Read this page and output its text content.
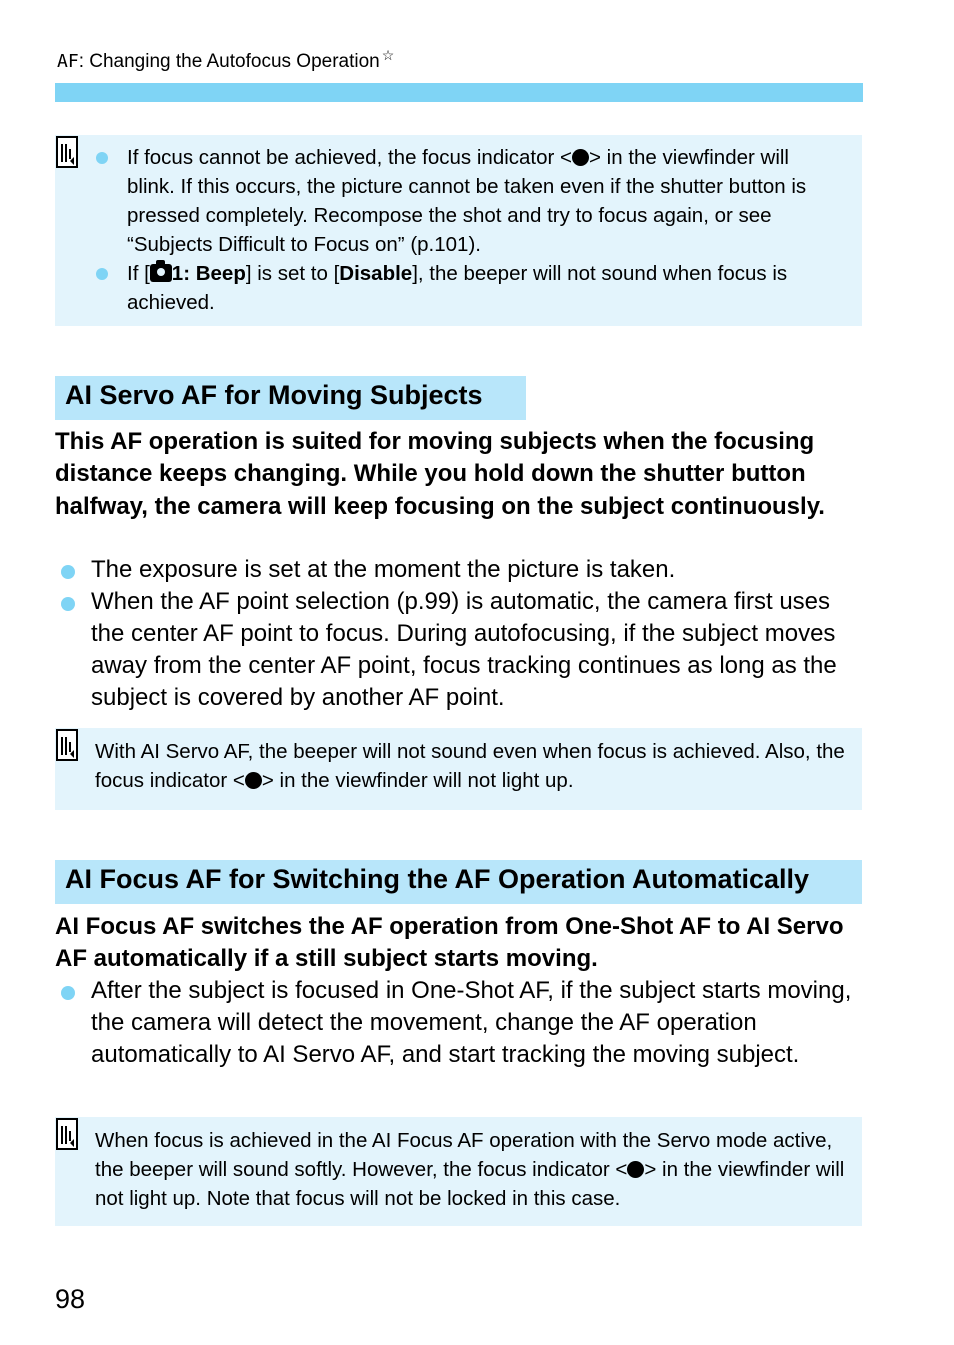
AF: Changing the Autofocus Operation ☆
If focus cannot be achieved, the focus indicator < > in the viewfinder will blink. If this occurs, the picture cannot be taken even if the shutter button is pressed completely. Recompose the shot and try to focus again, or see “Subjects Difficult to Focus on” (p.101).
If [ 1: Beep] is set to [Disable], the beeper will not sound when focus is achieved.
AI Servo AF for Moving Subjects
This AF operation is suited for moving subjects when the focusing distance keeps changing. While you hold down the shutter button halfway, the camera will keep focusing on the subject continuously.
The exposure is set at the moment the picture is taken.
When the AF point selection (p.99) is automatic, the camera first uses the center AF point to focus. During autofocusing, if the subject moves away from the center AF point, focus tracking continues as long as the subject is covered by another AF point.
With AI Servo AF, the beeper will not sound even when focus is achieved. Also, the focus indicator < > in the viewfinder will not light up.
AI Focus AF for Switching the AF Operation Automatically
AI Focus AF switches the AF operation from One-Shot AF to AI Servo AF automatically if a still subject starts moving.
After the subject is focused in One-Shot AF, if the subject starts moving, the camera will detect the movement, change the AF operation automatically to AI Servo AF, and start tracking the moving subject.
When focus is achieved in the AI Focus AF operation with the Servo mode active, the beeper will sound softly. However, the focus indicator < > in the viewfinder will not light up. Note that focus will not be locked in this case.
98
